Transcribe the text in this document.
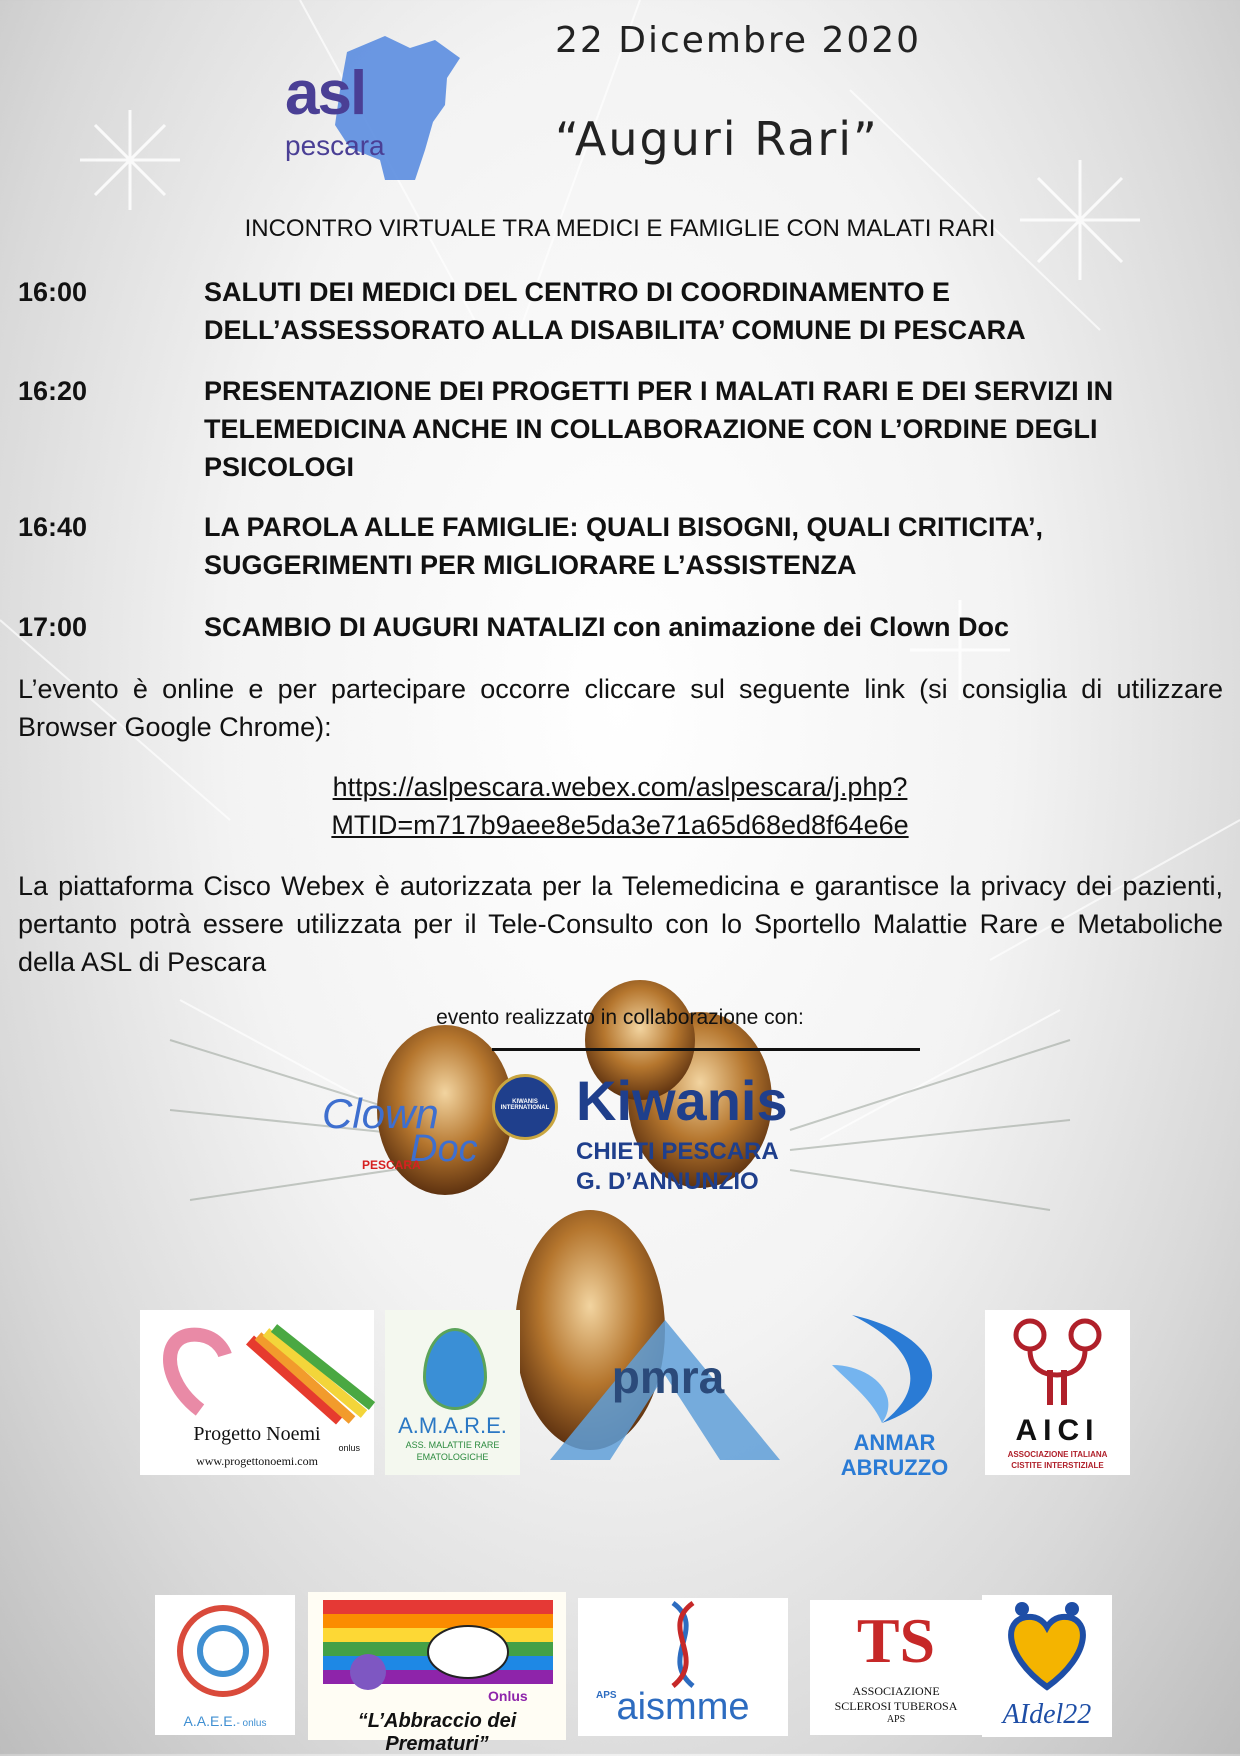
asl
pescara
22 Dicembre 2020
“Auguri Rari”
INCONTRO VIRTUALE TRA MEDICI E FAMIGLIE CON MALATI RARI
16:00	SALUTI DEI MEDICI DEL CENTRO DI COORDINAMENTO E DELL’ASSESSORATO ALLA DISABILITA’ COMUNE DI PESCARA
16:20	PRESENTAZIONE DEI PROGETTI PER I MALATI RARI E DEI SERVIZI IN TELEMEDICINA ANCHE IN COLLABORAZIONE CON L’ORDINE DEGLI PSICOLOGI
16:40	LA PAROLA ALLE FAMIGLIE: QUALI BISOGNI, QUALI CRITICITA’, SUGGERIMENTI PER MIGLIORARE L’ASSISTENZA
17:00	SCAMBIO DI AUGURI NATALIZI con animazione dei Clown Doc
L’evento è online e per partecipare occorre cliccare sul seguente link (si consiglia di utilizzare Browser Google Chrome):
https://aslpescara.webex.com/aslpescara/j.php?
MTID=m717b9aee8e5da3e71a65d68ed8f64e6e
La piattaforma Cisco Webex è autorizzata per la Telemedicina e garantisce la privacy dei pazienti, pertanto potrà essere utilizzata per il Tele-Consulto con lo Sportello Malattie Rare e Metaboliche della ASL di Pescara
evento realizzato in collaborazione con:
Clown
Doc
PESCARA
KIWANIS INTERNATIONAL Kiwanis
CHIETI PESCARA
G. D’ANNUNZIO
Progetto Noemi
onlus
www.progettonoemi.com
A.M.A.R.E.
ASS. MALATTIE RARE
EMATOLOGICHE
pmra
ANMAR
ABRUZZO
AICI
ASSOCIAZIONE ITALIANA
CISTITE INTERSTIZIALE
A.A.E.E.- onlus
Onlus
“L’Abbraccio dei Prematuri”
APS aismme
TS
ASSOCIAZIONE
SCLEROSI TUBEROSA
APS	AIdel22
